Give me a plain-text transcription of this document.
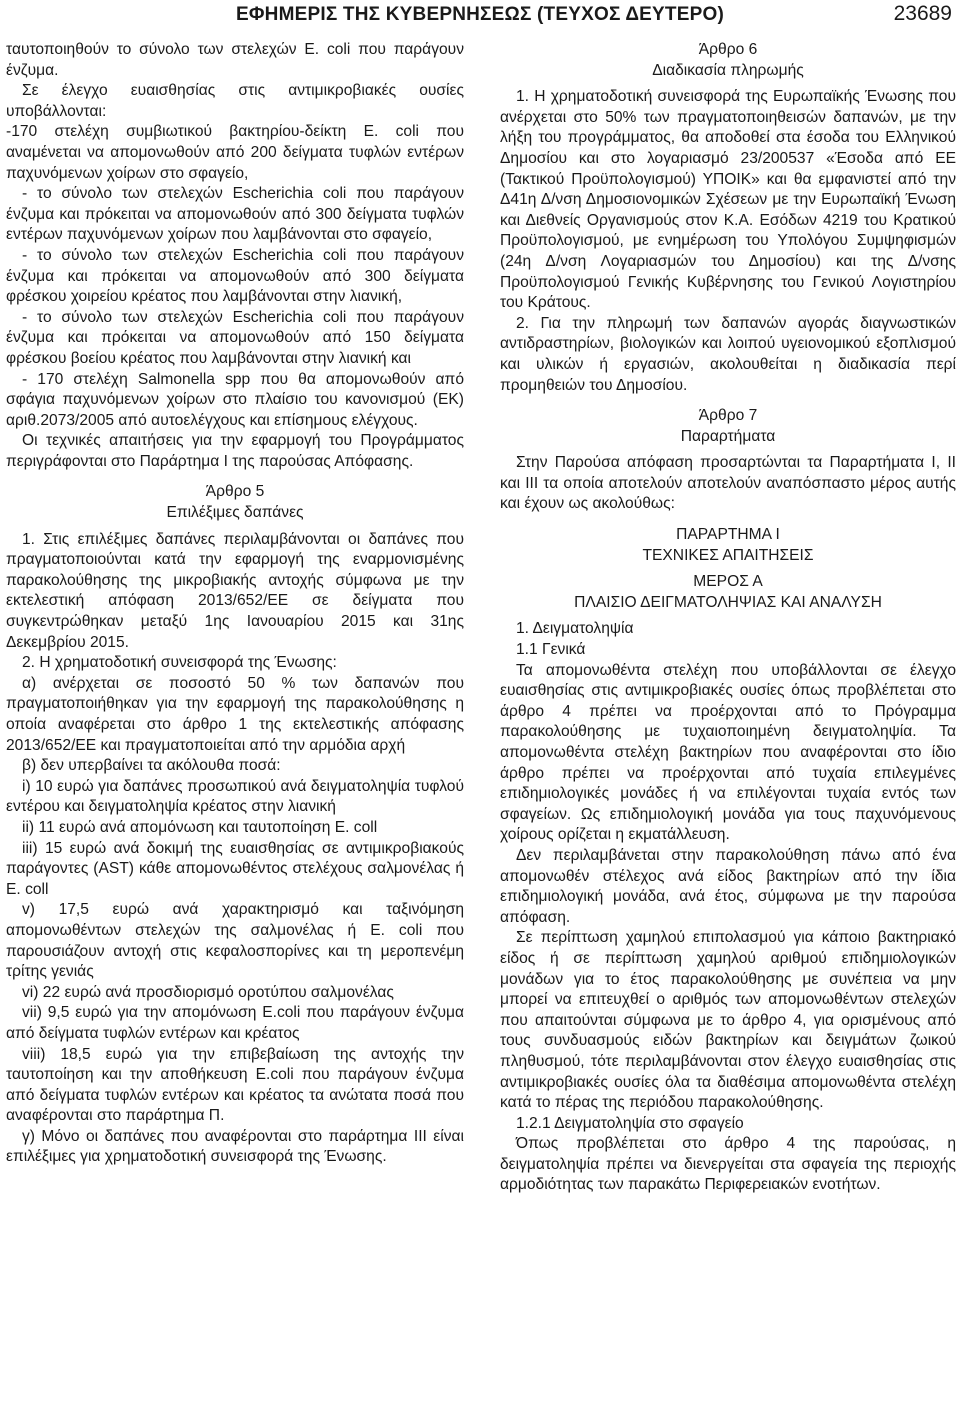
ΕΦΗΜΕΡΙΣ ΤΗΣ ΚΥΒΕΡΝΗΣΕΩΣ (ΤΕΥΧΟΣ ΔΕΥΤΕΡΟ)	23689

ταυτοποιηθούν το σύνολο των στελεχών E. coli που παράγουν ένζυμα.

Σε έλεγχο ευαισθησίας στις αντιμικροβιακές ουσίες υποβάλλονται:

-170 στελέχη συμβιωτικού βακτηρίου-δείκτη E. coli που αναμένεται να απομονωθούν από 200 δείγματα τυφλών εντέρων παχυνόμενων χοίρων στο σφαγείο,

- το σύνολο των στελεχών Escherichia coli που παράγουν ένζυμα και πρόκειται να απομονωθούν από 300 δείγματα τυφλών εντέρων παχυνόμενων χοίρων που λαμβάνονται στο σφαγείο,

- το σύνολο των στελεχών Escherichia coli που παράγουν ένζυμα και πρόκειται να απομονωθούν από 300 δείγματα φρέσκου χοιρείου κρέατος που λαμβάνονται στην λιανική,

- το σύνολο των στελεχών Escherichia coli που παράγουν ένζυμα και πρόκειται να απομονωθούν από 150 δείγματα φρέσκου βοείου κρέατος που λαμβάνονται στην λιανική και

- 170 στελέχη Salmonella spp που θα απομονωθούν από σφάγια παχυνόμενων χοίρων στο πλαίσιο του κανονισμού (ΕΚ) αριθ.2073/2005 από αυτοελέγχους και επίσημους ελέγχους.

Οι τεχνικές απαιτήσεις για την εφαρμογή του Προγράμματος περιγράφονται στο Παράρτημα Ι της παρούσας Απόφασης.

Άρθρο 5

Επιλέξιμες δαπάνες

1. Στις επιλέξιμες δαπάνες περιλαμβάνονται οι δαπάνες που πραγματοποιούνται κατά την εφαρμογή της εναρμονισμένης παρακολούθησης της μικροβιακής αντοχής σύμφωνα με την εκτελεστική απόφαση 2013/652/ΕΕ σε δείγματα που συγκεντρώθηκαν μεταξύ 1ης Ιανουαρίου 2015 και 31ης Δεκεμβρίου 2015.

2. Η χρηματοδοτική συνεισφορά της Ένωσης:

α) ανέρχεται σε ποσοστό 50 % των δαπανών που πραγματοποιήθηκαν για την εφαρμογή της παρακολούθησης η οποία αναφέρεται στο άρθρο 1 της εκτελεστικής απόφασης 2013/652/ΕΕ και πραγματοποιείται από την αρμόδια αρχή

β) δεν υπερβαίνει τα ακόλουθα ποσά:

i) 10 ευρώ για δαπάνες προσωπικού ανά δειγματοληψία τυφλού εντέρου και δειγματοληψία κρέατος στην λιανική

ii) 11 ευρώ ανά απομόνωση και ταυτοποίηση E. coll

iii) 15 ευρώ ανά δοκιμή της ευαισθησίας σε αντιμικροβιακούς παράγοντες (AST) κάθε απομονωθέντος στελέχους σαλμονέλας ή E. coll

v) 17,5 ευρώ ανά χαρακτηρισμό και ταξινόμηση απομονωθέντων στελεχών της σαλμονέλας ή E. coli που παρουσιάζουν αντοχή στις κεφαλοσπορίνες και τη μεροπενέμη τρίτης γενιάς

vi) 22 ευρώ ανά προσδιορισμό οροτύπου σαλμονέλας

vii) 9,5 ευρώ για την απομόνωση E.coli που παράγουν ένζυμα από δείγματα τυφλών εντέρων και κρέατος

viii) 18,5 ευρώ για την επιβεβαίωση της αντοχής την ταυτοποίηση και την αποθήκευση E.coli που παράγουν ένζυμα από δείγματα τυφλών εντέρων και κρέατος τα ανώτατα ποσά που αναφέρονται στο παράρτημα Π.

γ) Μόνο οι δαπάνες που αναφέρονται στο παράρτημα ΙΙΙ είναι επιλέξιμες για χρηματοδοτική συνεισφορά της Ένωσης.

Άρθρο 6

Διαδικασία πληρωμής

1. Η χρηματοδοτική συνεισφορά της Ευρωπαϊκής Ένωσης που ανέρχεται στο 50% των πραγματοποιηθεισών δαπανών, με την λήξη του προγράμματος, θα αποδοθεί στα έσοδα του Ελληνικού Δημοσίου και στο λογαριασμό 23/200537 «Έσοδα από ΕΕ (Τακτικού Προϋπολογισμού) ΥΠΟΙΚ» και θα εμφανιστεί από την Δ41η Δ/νση Δημοσιονομικών Σχέσεων με την Ευρωπαϊκή Ένωση και Διεθνείς Οργανισμούς στον Κ.Α. Εσόδων 4219 του Κρατικού Προϋπολογισμού, με ενημέρωση του Υπολόγου Συμψηφισμών (24η Δ/νση Λογαριασμών του Δημοσίου) και της Δ/νσης Προϋπολογισμού Γενικής Κυβέρνησης του Γενικού Λογιστηρίου του Κράτους.

2. Για την πληρωμή των δαπανών αγοράς διαγνωστικών αντιδραστηρίων, βιολογικών και λοιπού υγειονομικού εξοπλισμού και υλικών ή εργασιών, ακολουθείται η διαδικασία περί προμηθειών του Δημοσίου.

Άρθρο 7

Παραρτήματα

Στην Παρούσα απόφαση προσαρτώνται τα Παραρτήματα Ι, ΙΙ και ΙΙΙ τα οποία αποτελούν αποτελούν αναπόσπαστο μέρος αυτής και έχουν ως ακολούθως:

ΠΑΡΑΡΤΗΜΑ Ι

ΤΕΧΝΙΚΕΣ ΑΠΑΙΤΗΣΕΙΣ

ΜΕΡΟΣ Α

ΠΛΑΙΣΙΟ ΔΕΙΓΜΑΤΟΛΗΨΙΑΣ ΚΑΙ ΑΝΑΛΥΣΗ

1. Δειγματοληψία

1.1 Γενικά

Τα απομονωθέντα στελέχη που υποβάλλονται σε έλεγχο ευαισθησίας στις αντιμικροβιακές ουσίες όπως προβλέπεται στο άρθρο 4 πρέπει να προέρχονται από το Πρόγραμμα παρακολούθησης με τυχαιοποιημένη δειγματοληψία. Τα απομονωθέντα στελέχη βακτηρίων που αναφέρονται στο ίδιο άρθρο πρέπει να προέρχονται από τυχαία επιλεγμένες επιδημιολογικές μονάδες ή να επιλέγονται τυχαία εντός των σφαγείων. Ως επιδημιολογική μονάδα για τους παχυνόμενους χοίρους ορίζεται η εκματάλλευση.

Δεν περιλαμβάνεται στην παρακολούθηση πάνω από ένα απομονωθέν στέλεχος ανά είδος βακτηρίων από την ίδια επιδημιολογική μονάδα, ανά έτος, σύμφωνα με την παρούσα απόφαση.

Σε περίπτωση χαμηλού επιπολασμού για κάποιο βακτηριακό είδος ή σε περίπτωση χαμηλού αριθμού επιδημιολογικών μονάδων για το έτος παρακολούθησης με συνέπεια να μην μπορεί να επιτευχθεί ο αριθμός των απομονωθέντων στελεχών που απαιτούνται σύμφωνα με το άρθρο 4, για ορισμένους από τους συνδυασμούς ειδών βακτηρίων και δειγμάτων ζωικού πληθυσμού, τότε περιλαμβάνονται στον έλεγχο ευαισθησίας στις αντιμικροβιακές ουσίες όλα τα διαθέσιμα απομονωθέντα στελέχη κατά το πέρας της περιόδου παρακολούθησης.

1.2.1 Δειγματοληψία στο σφαγείο

Όπως προβλέπεται στο άρθρο 4 της παρούσας, η δειγματοληψία πρέπει να διενεργείται στα σφαγεία της περιοχής αρμοδιότητας των παρακάτω Περιφερειακών ενοτήτων.
